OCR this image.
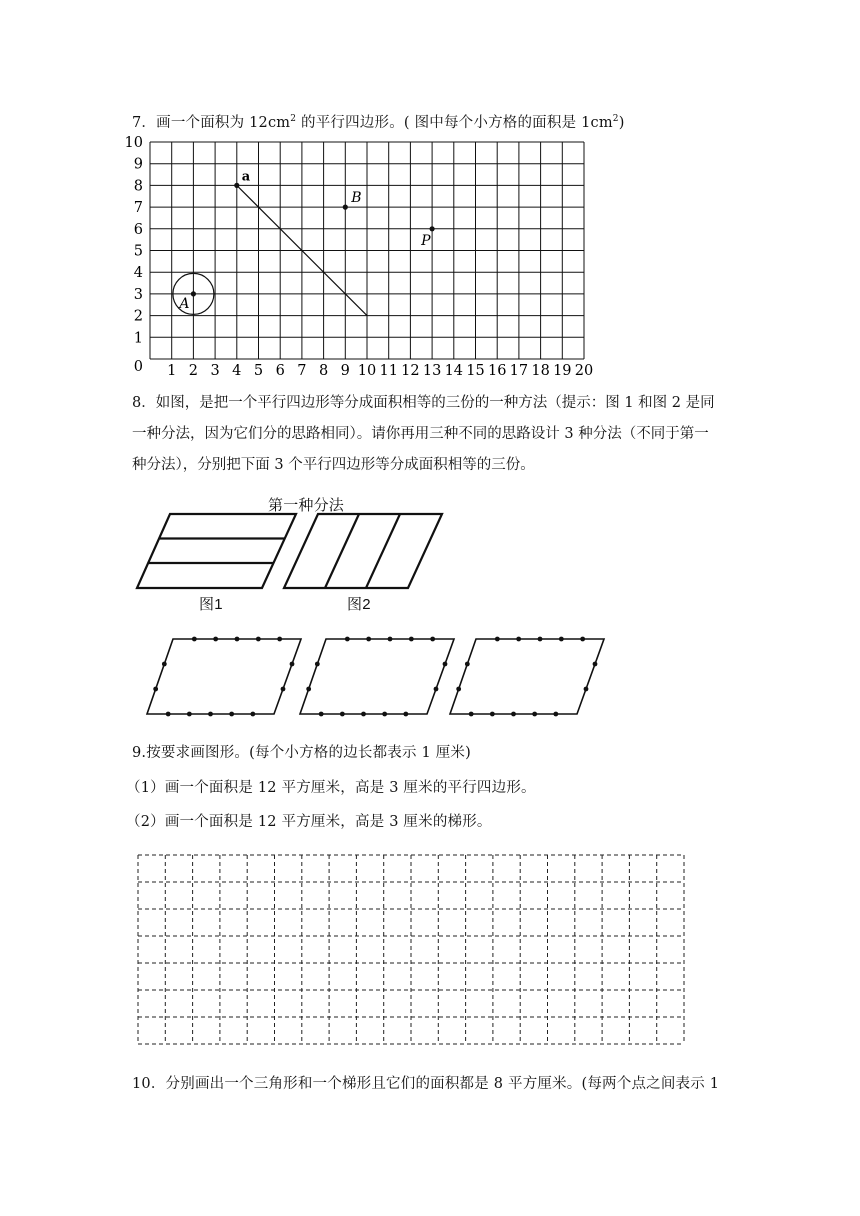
7．画一个面积为 $12cm^2$ 的平行四边形。( 图中每个小方格的面积是 $1cm^2$)
0
1
2
3
4
5
6
7
8
9
10
1 2 3 4 5 6 7 8 9 10 11 12 13 14 15 16 17 18 19 20
a
B
P
A
8．如图，是把一个平行四边形等分成面积相等的三份的一种方法（提示：图 1 和图 2 是同
一种分法，因为它们分的思路相同）。请你再用三种不同的思路设计 3 种分法（不同于第一
种分法），分别把下面 3 个平行四边形等分成面积相等的三份。
第一种分法
图1	图2
9.按要求画图形。(每个小方格的边长都表示 1 厘米)
（1）画一个面积是 12 平方厘米，高是 3 厘米的平行四边形。
（2）画一个面积是 12 平方厘米，高是 3 厘米的梯形。
10．分别画出一个三角形和一个梯形且它们的面积都是 8 平方厘米。(每两个点之间表示 1
